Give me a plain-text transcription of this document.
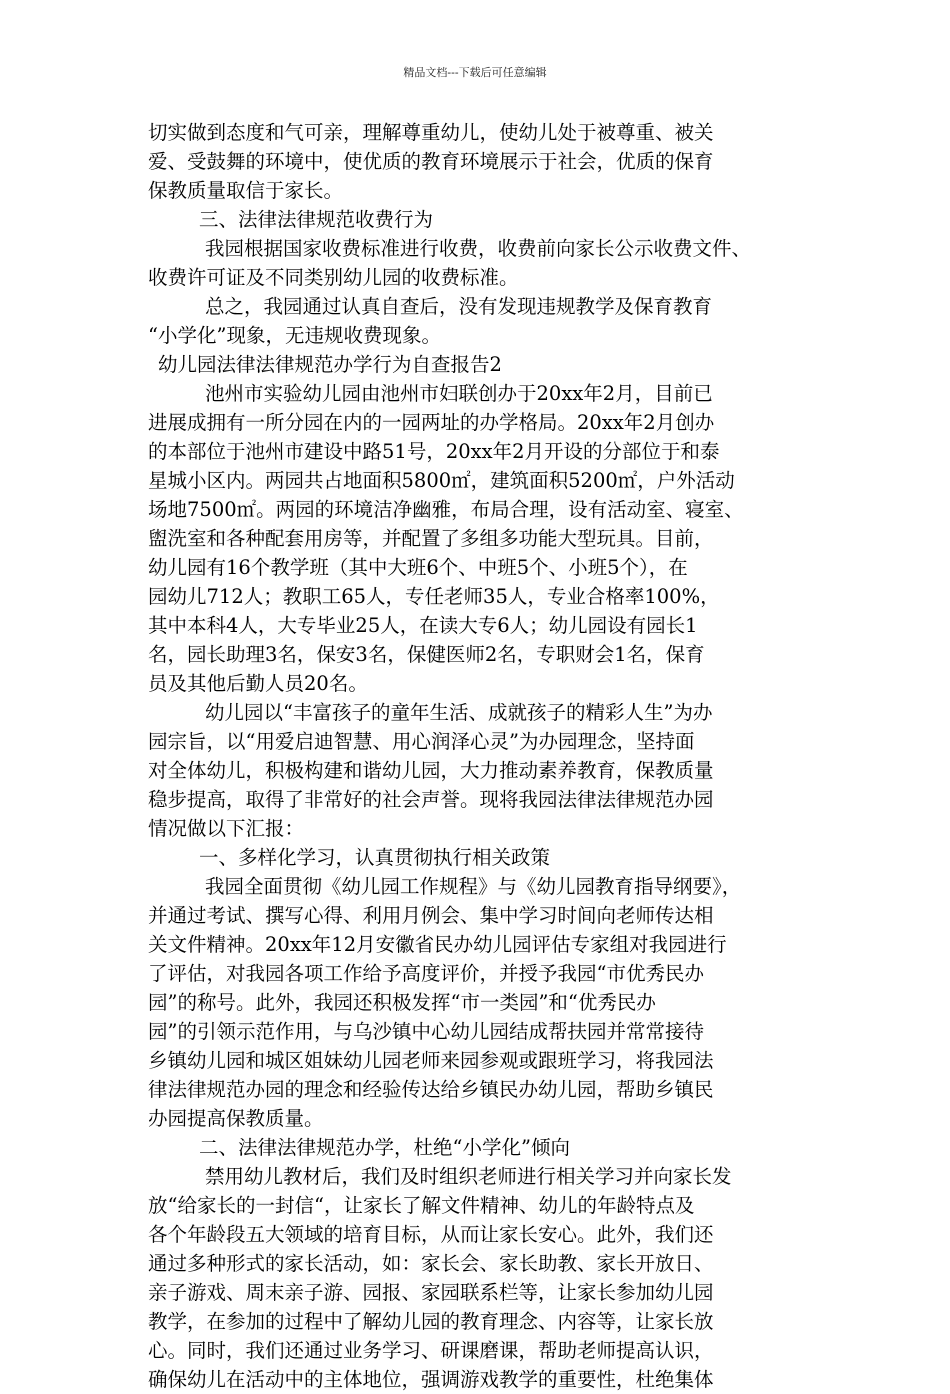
精品文档---下载后可任意编辑
切实做到态度和气可亲，理解尊重幼儿，使幼儿处于被尊重、被关
爱、受鼓舞的环境中，使优质的教育环境展示于社会，优质的保育
保教质量取信于家长。
三、法律法律规范收费行为
我园根据国家收费标准进行收费，收费前向家长公示收费文件、
收费许可证及不同类别幼儿园的收费标准。
总之，我园通过认真自查后，没有发现违规教学及保育教育
“小学化”现象，无违规收费现象。
幼儿园法律法律规范办学行为自查报告2
池州市实验幼儿园由池州市妇联创办于20xx年2月，目前已
进展成拥有一所分园在内的一园两址的办学格局。20xx年2月创办
的本部位于池州市建设中路51号，20xx年2月开设的分部位于和泰
星城小区内。两园共占地面积5800㎡，建筑面积5200㎡，户外活动
场地7500㎡。两园的环境洁净幽雅，布局合理，设有活动室、寝室、
盥洗室和各种配套用房等，并配置了多组多功能大型玩具。目前，
幼儿园有16个教学班（其中大班6个、中班5个、小班5个），在
园幼儿712人；教职工65人，专任老师35人，专业合格率100%，
其中本科4人，大专毕业25人，在读大专6人；幼儿园设有园长1
名，园长助理3名，保安3名，保健医师2名，专职财会1名，保育
员及其他后勤人员20名。
幼儿园以“丰富孩子的童年生活、成就孩子的精彩人生”为办
园宗旨，以“用爱启迪智慧、用心润泽心灵”为办园理念，坚持面
对全体幼儿，积极构建和谐幼儿园，大力推动素养教育，保教质量
稳步提高，取得了非常好的社会声誉。现将我园法律法律规范办园
情况做以下汇报：
一、多样化学习，认真贯彻执行相关政策
我园全面贯彻《幼儿园工作规程》与《幼儿园教育指导纲要》，
并通过考试、撰写心得、利用月例会、集中学习时间向老师传达相
关文件精神。20xx年12月安徽省民办幼儿园评估专家组对我园进行
了评估，对我园各项工作给予高度评价，并授予我园“市优秀民办
园”的称号。此外，我园还积极发挥“市一类园”和“优秀民办
园”的引领示范作用，与乌沙镇中心幼儿园结成帮扶园并常常接待
乡镇幼儿园和城区姐妹幼儿园老师来园参观或跟班学习，将我园法
律法律规范办园的理念和经验传达给乡镇民办幼儿园，帮助乡镇民
办园提高保教质量。
二、法律法律规范办学，杜绝“小学化”倾向
禁用幼儿教材后，我们及时组织老师进行相关学习并向家长发
放“给家长的一封信“，让家长了解文件精神、幼儿的年龄特点及
各个年龄段五大领域的培育目标，从而让家长安心。此外，我们还
通过多种形式的家长活动，如：家长会、家长助教、家长开放日、
亲子游戏、周末亲子游、园报、家园联系栏等，让家长参加幼儿园
教学，在参加的过程中了解幼儿园的教育理念、内容等，让家长放
心。同时，我们还通过业务学习、研课磨课，帮助老师提高认识，
确保幼儿在活动中的主体地位，强调游戏教学的重要性，杜绝集体
